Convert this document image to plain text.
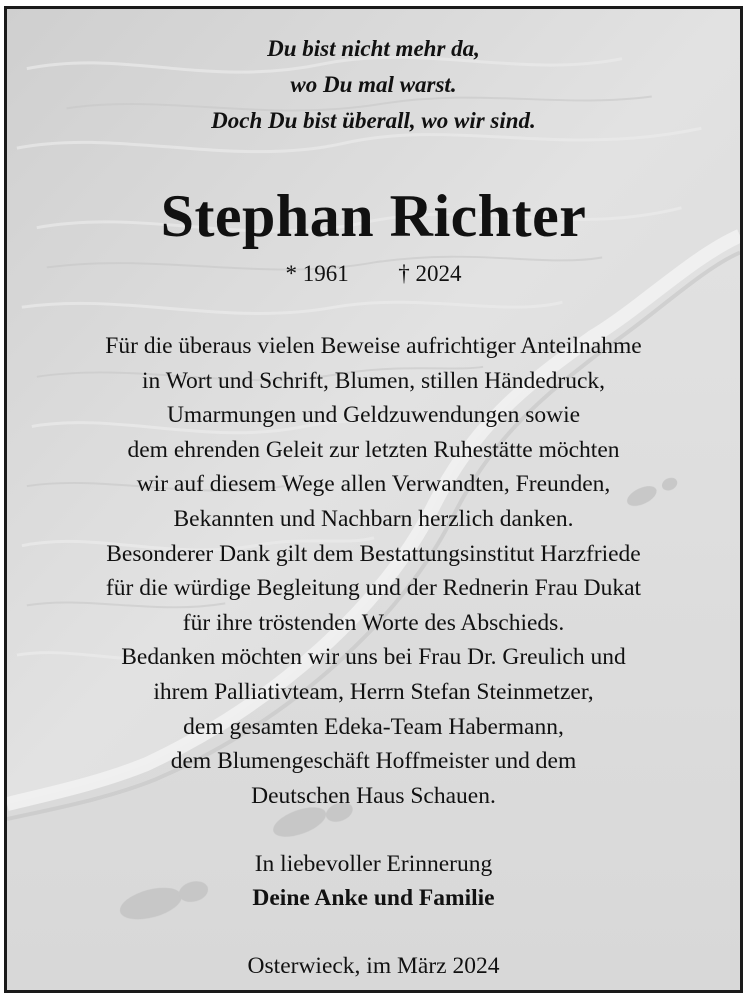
Du bist nicht mehr da,
wo Du mal warst.
Doch Du bist überall, wo wir sind.
Stephan Richter
* 1961 † 2024
Für die überaus vielen Beweise aufrichtiger Anteilnahme
in Wort und Schrift, Blumen, stillen Händedruck,
Umarmungen und Geldzuwendungen sowie
dem ehrenden Geleit zur letzten Ruhestätte möchten
wir auf diesem Wege allen Verwandten, Freunden,
Bekannten und Nachbarn herzlich danken.
Besonderer Dank gilt dem Bestattungsinstitut Harzfriede
für die würdige Begleitung und der Rednerin Frau Dukat
für ihre tröstenden Worte des Abschieds.
Bedanken möchten wir uns bei Frau Dr. Greulich und
ihrem Palliativteam, Herrn Stefan Steinmetzer,
dem gesamten Edeka-Team Habermann,
dem Blumengeschäft Hoffmeister und dem
Deutschen Haus Schauen.
In liebevoller Erinnerung
Deine Anke und Familie
Osterwieck, im März 2024
